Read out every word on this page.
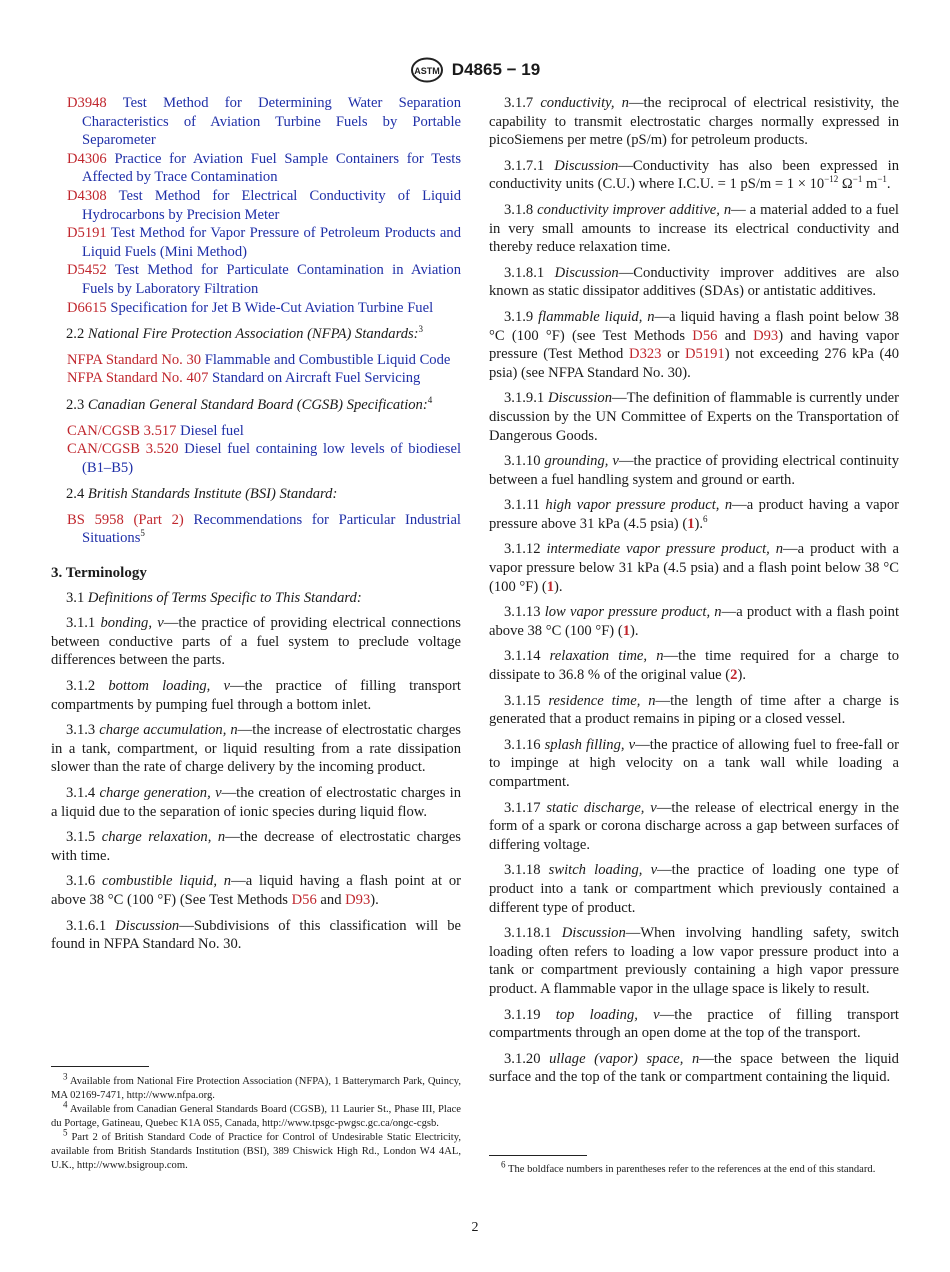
ASTM D4865 − 19

D3948 Test Method for Determining Water Separation Characteristics of Aviation Turbine Fuels by Portable Separometer

D4306 Practice for Aviation Fuel Sample Containers for Tests Affected by Trace Contamination

D4308 Test Method for Electrical Conductivity of Liquid Hydrocarbons by Precision Meter

D5191 Test Method for Vapor Pressure of Petroleum Products and Liquid Fuels (Mini Method)

D5452 Test Method for Particulate Contamination in Aviation Fuels by Laboratory Filtration

D6615 Specification for Jet B Wide-Cut Aviation Turbine Fuel

2.2 National Fire Protection Association (NFPA) Standards:$^3$

NFPA Standard No. 30 Flammable and Combustible Liquid Code

NFPA Standard No. 407 Standard on Aircraft Fuel Servicing

2.3 Canadian General Standard Board (CGSB) Specification:$^4$

CAN/CGSB 3.517 Diesel fuel

CAN/CGSB 3.520 Diesel fuel containing low levels of biodiesel (B1–B5)

2.4 British Standards Institute (BSI) Standard:

BS 5958 (Part 2) Recommendations for Particular Industrial Situations$^5$

3. Terminology

3.1 Definitions of Terms Specific to This Standard:

3.1.1 bonding, v—the practice of providing electrical connections between conductive parts of a fuel system to preclude voltage differences between the parts.

3.1.2 bottom loading, v—the practice of filling transport compartments by pumping fuel through a bottom inlet.

3.1.3 charge accumulation, n—the increase of electrostatic charges in a tank, compartment, or liquid resulting from a rate dissipation slower than the rate of charge delivery by the incoming product.

3.1.4 charge generation, v—the creation of electrostatic charges in a liquid due to the separation of ionic species during liquid flow.

3.1.5 charge relaxation, n—the decrease of electrostatic charges with time.

3.1.6 combustible liquid, n—a liquid having a flash point at or above 38 °C (100 °F) (See Test Methods D56 and D93).

3.1.6.1 Discussion—Subdivisions of this classification will be found in NFPA Standard No. 30.

$^3$ Available from National Fire Protection Association (NFPA), 1 Batterymarch Park, Quincy, MA 02169-7471, http://www.nfpa.org.

$^4$ Available from Canadian General Standards Board (CGSB), 11 Laurier St., Phase III, Place du Portage, Gatineau, Quebec K1A 0S5, Canada, http://www.tpsgc-pwgsc.gc.ca/ongc-cgsb.

$^5$ Part 2 of British Standard Code of Practice for Control of Undesirable Static Electricity, available from British Standards Institution (BSI), 389 Chiswick High Rd., London W4 4AL, U.K., http://www.bsigroup.com.

3.1.7 conductivity, n—the reciprocal of electrical resistivity, the capability to transmit electrostatic charges normally expressed in picoSiemens per metre (pS/m) for petroleum products.

3.1.7.1 Discussion—Conductivity has also been expressed in conductivity units (C.U.) where I.C.U. = 1 $pS/m = 1 \times 10^{-12}$ $\Omega^{-1}$ $m^{-1}$.

3.1.8 conductivity improver additive, n— a material added to a fuel in very small amounts to increase its electrical conductivity and thereby reduce relaxation time.

3.1.8.1 Discussion—Conductivity improver additives are also known as static dissipator additives (SDAs) or antistatic additives.

3.1.9 flammable liquid, n—a liquid having a flash point below 38 °C (100 °F) (see Test Methods D56 and D93) and having vapor pressure (Test Method D323 or D5191) not exceeding 276 kPa (40 psia) (see NFPA Standard No. 30).

3.1.9.1 Discussion—The definition of flammable is currently under discussion by the UN Committee of Experts on the Transportation of Dangerous Goods.

3.1.10 grounding, v—the practice of providing electrical continuity between a fuel handling system and ground or earth.

3.1.11 high vapor pressure product, n—a product having a vapor pressure above 31 kPa (4.5 psia) (1).$^6$

3.1.12 intermediate vapor pressure product, n—a product with a vapor pressure below 31 kPa (4.5 psia) and a flash point below 38 °C (100 °F) (1).

3.1.13 low vapor pressure product, n—a product with a flash point above 38 °C (100 °F) (1).

3.1.14 relaxation time, n—the time required for a charge to dissipate to 36.8 % of the original value (2).

3.1.15 residence time, n—the length of time after a charge is generated that a product remains in piping or a closed vessel.

3.1.16 splash filling, v—the practice of allowing fuel to free-fall or to impinge at high velocity on a tank wall while loading a compartment.

3.1.17 static discharge, v—the release of electrical energy in the form of a spark or corona discharge across a gap between surfaces of differing voltage.

3.1.18 switch loading, v—the practice of loading one type of product into a tank or compartment which previously contained a different type of product.

3.1.18.1 Discussion—When involving handling safety, switch loading often refers to loading a low vapor pressure product into a tank or compartment previously containing a high vapor pressure product. A flammable vapor in the ullage space is likely to result.

3.1.19 top loading, v—the practice of filling transport compartments through an open dome at the top of the transport.

3.1.20 ullage (vapor) space, n—the space between the liquid surface and the top of the tank or compartment containing the liquid.

$^6$ The boldface numbers in parentheses refer to the references at the end of this standard.

2
